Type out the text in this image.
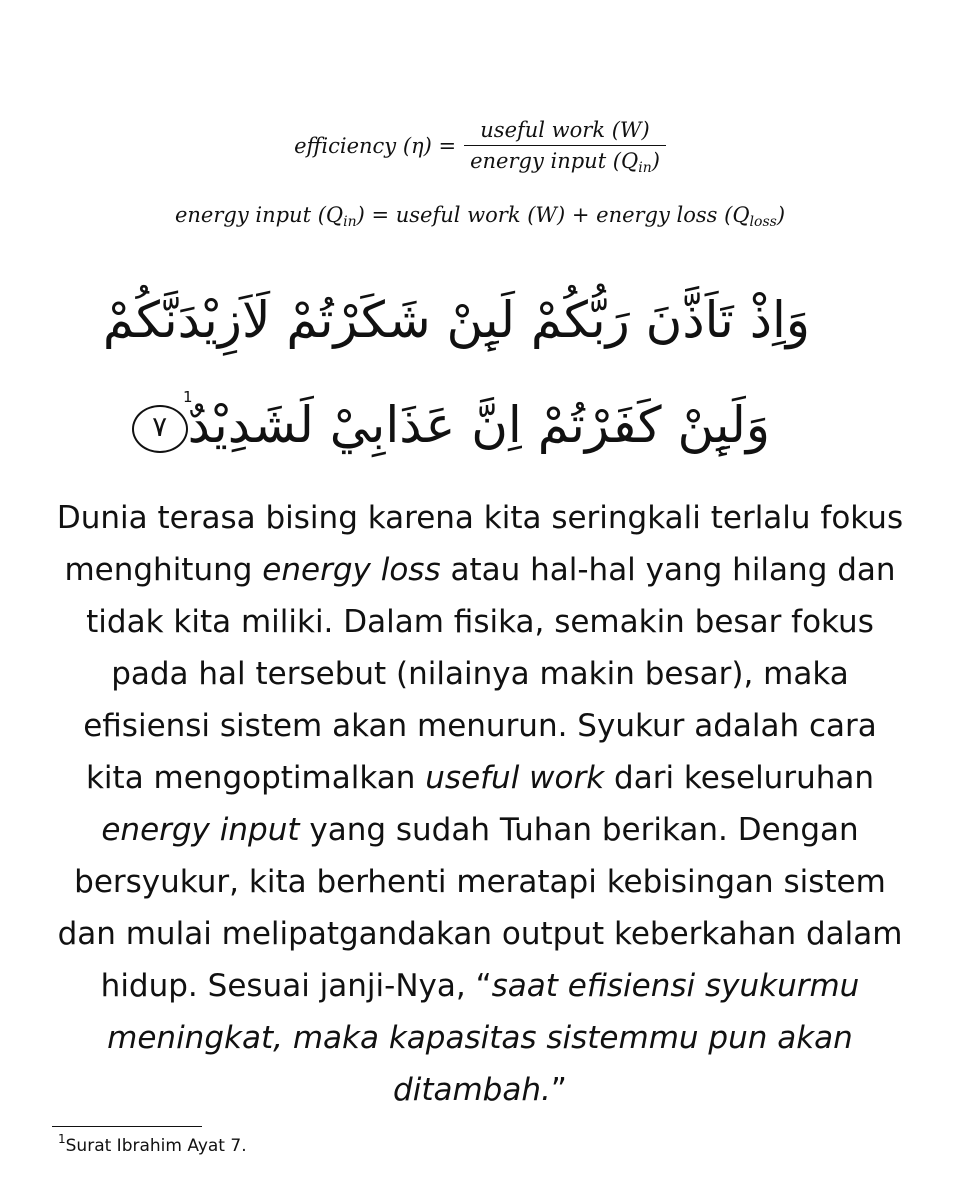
efficiency $(\eta) = \frac{\text{useful work (W)}}{energy input (Q_{in})}$
energy input $(Q_{in})$ = useful work (W) + energy loss $(Q_{loss})$
وَاِذْ تَاَذَّنَ رَبُّكُمْ لَىِٕنْ شَكَرْتُمْ لَاَزِيْدَنَّكُمْ
وَلَىِٕنْ كَفَرْتُمْ اِنَّ عَذَابِيْ لَشَدِيْدٌ٧
1
Dunia terasa bising karena kita seringkali terlalu fokus
menghitung energy loss atau hal-hal yang hilang dan
tidak kita miliki. Dalam fisika, semakin besar fokus
pada hal tersebut (nilainya makin besar), maka
efisiensi sistem akan menurun. Syukur adalah cara
kita mengoptimalkan useful work dari keseluruhan
energy input yang sudah Tuhan berikan. Dengan
bersyukur, kita berhenti meratapi kebisingan sistem
dan mulai melipatgandakan output keberkahan dalam
hidup. Sesuai janji-Nya, “saat efisiensi syukurmu
meningkat, maka kapasitas sistemmu pun akan
ditambah.”
$^1$Surat Ibrahim Ayat 7.
